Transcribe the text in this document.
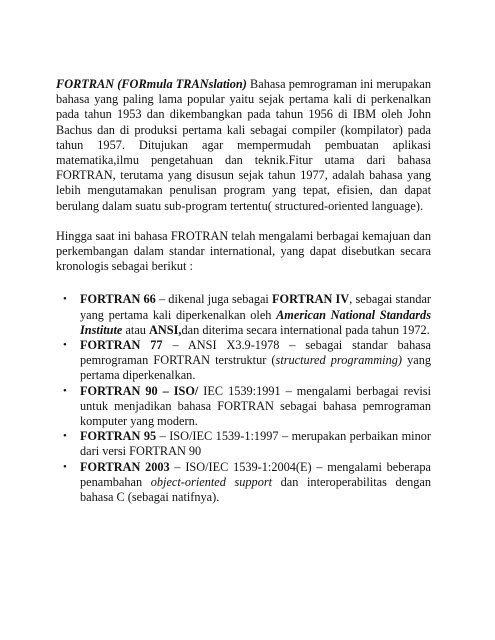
FORTRAN (FORmula TRANslation) Bahasa pemrograman ini merupakan bahasa yang paling lama popular yaitu sejak pertama kali di perkenalkan pada tahun 1953 dan dikembangkan pada tahun 1956 di IBM oleh John Bachus dan di produksi pertama kali sebagai compiler (kompilator) pada tahun 1957. Ditujukan agar mempermudah pembuatan aplikasi matematika,ilmu pengetahuan dan teknik.Fitur utama dari bahasa FORTRAN, terutama yang disusun sejak tahun 1977, adalah bahasa yang lebih mengutamakan penulisan program yang tepat, efisien, dan dapat berulang dalam suatu sub-program tertentu( structured-oriented language).

Hingga saat ini bahasa FROTRAN telah mengalami berbagai kemajuan dan perkembangan dalam standar international, yang dapat disebutkan secara kronologis sebagai berikut :

• FORTRAN 66 – dikenal juga sebagai FORTRAN IV, sebagai standar yang pertama kali diperkenalkan oleh American National Standards Institute atau ANSI,dan diterima secara international pada tahun 1972.
• FORTRAN 77 – ANSI X3.9-1978 – sebagai standar bahasa pemrograman FORTRAN terstruktur (structured programming) yang pertama diperkenalkan.
• FORTRAN 90 – ISO/ IEC 1539:1991 – mengalami berbagai revisi untuk menjadikan bahasa FORTRAN sebagai bahasa pemrograman komputer yang modern.
• FORTRAN 95 – ISO/IEC 1539-1:1997 – merupakan perbaikan minor dari versi FORTRAN 90
• FORTRAN 2003 – ISO/IEC 1539-1:2004(E) – mengalami beberapa penambahan object-oriented support dan interoperabilitas dengan bahasa C (sebagai natifnya).
